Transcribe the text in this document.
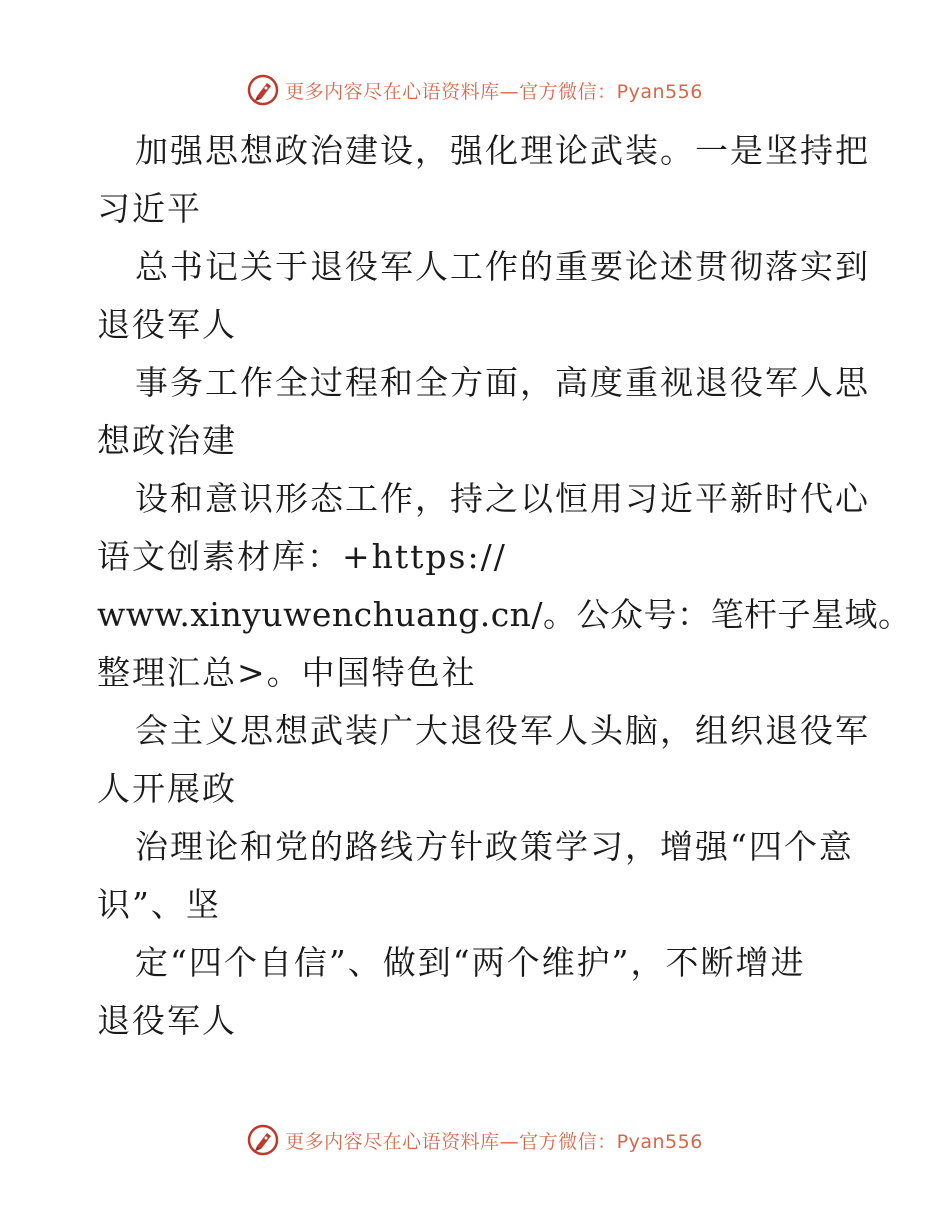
更多内容尽在心语资料库—官方微信：Pyan556
加强思想政治建设，强化理论武装。一是坚持把
习近平
总书记关于退役军人工作的重要论述贯彻落实到
退役军人
事务工作全过程和全方面，高度重视退役军人思
想政治建
设和意识形态工作，持之以恒用习近平新时代心
语文创素材库：+https://
www.xinyuwenchuang.cn/。公众号：笔杆子星域。
整理汇总>。中国特色社
会主义思想武装广大退役军人头脑，组织退役军
人开展政
治理论和党的路线方针政策学习，增强“四个意
识”、坚
定“四个自信”、做到“两个维护”，不断增进
退役军人
更多内容尽在心语资料库—官方微信：Pyan556
